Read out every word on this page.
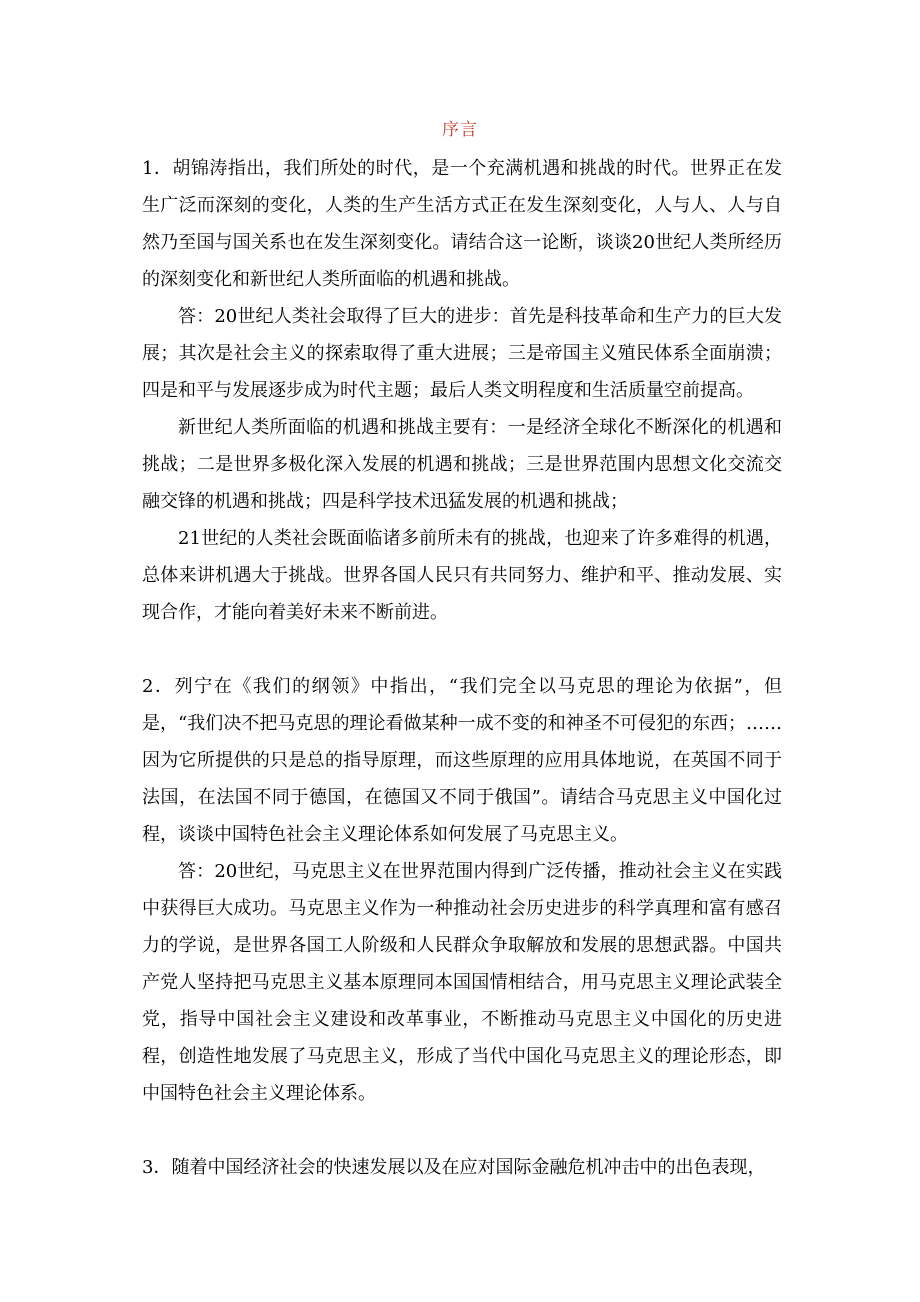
序言

1．胡锦涛指出，我们所处的时代，是一个充满机遇和挑战的时代。世界正在发生广泛而深刻的变化，人类的生产生活方式正在发生深刻变化，人与人、人与自然乃至国与国关系也在发生深刻变化。请结合这一论断，谈谈20世纪人类所经历的深刻变化和新世纪人类所面临的机遇和挑战。

答：20世纪人类社会取得了巨大的进步：首先是科技革命和生产力的巨大发展；其次是社会主义的探索取得了重大进展；三是帝国主义殖民体系全面崩溃；四是和平与发展逐步成为时代主题；最后人类文明程度和生活质量空前提高。

新世纪人类所面临的机遇和挑战主要有：一是经济全球化不断深化的机遇和挑战；二是世界多极化深入发展的机遇和挑战；三是世界范围内思想文化交流交融交锋的机遇和挑战；四是科学技术迅猛发展的机遇和挑战；

21世纪的人类社会既面临诸多前所未有的挑战，也迎来了许多难得的机遇，总体来讲机遇大于挑战。世界各国人民只有共同努力、维护和平、推动发展、实现合作，才能向着美好未来不断前进。

2．列宁在《我们的纲领》中指出，“我们完全以马克思的理论为依据”，但是，“我们决不把马克思的理论看做某种一成不变的和神圣不可侵犯的东西；……因为它所提供的只是总的指导原理，而这些原理的应用具体地说，在英国不同于法国，在法国不同于德国，在德国又不同于俄国”。请结合马克思主义中国化过程，谈谈中国特色社会主义理论体系如何发展了马克思主义。

答：20世纪，马克思主义在世界范围内得到广泛传播，推动社会主义在实践中获得巨大成功。马克思主义作为一种推动社会历史进步的科学真理和富有感召力的学说，是世界各国工人阶级和人民群众争取解放和发展的思想武器。中国共产党人坚持把马克思主义基本原理同本国国情相结合，用马克思主义理论武装全党，指导中国社会主义建设和改革事业，不断推动马克思主义中国化的历史进程，创造性地发展了马克思主义，形成了当代中国化马克思主义的理论形态，即中国特色社会主义理论体系。

3．随着中国经济社会的快速发展以及在应对国际金融危机冲击中的出色表现，
